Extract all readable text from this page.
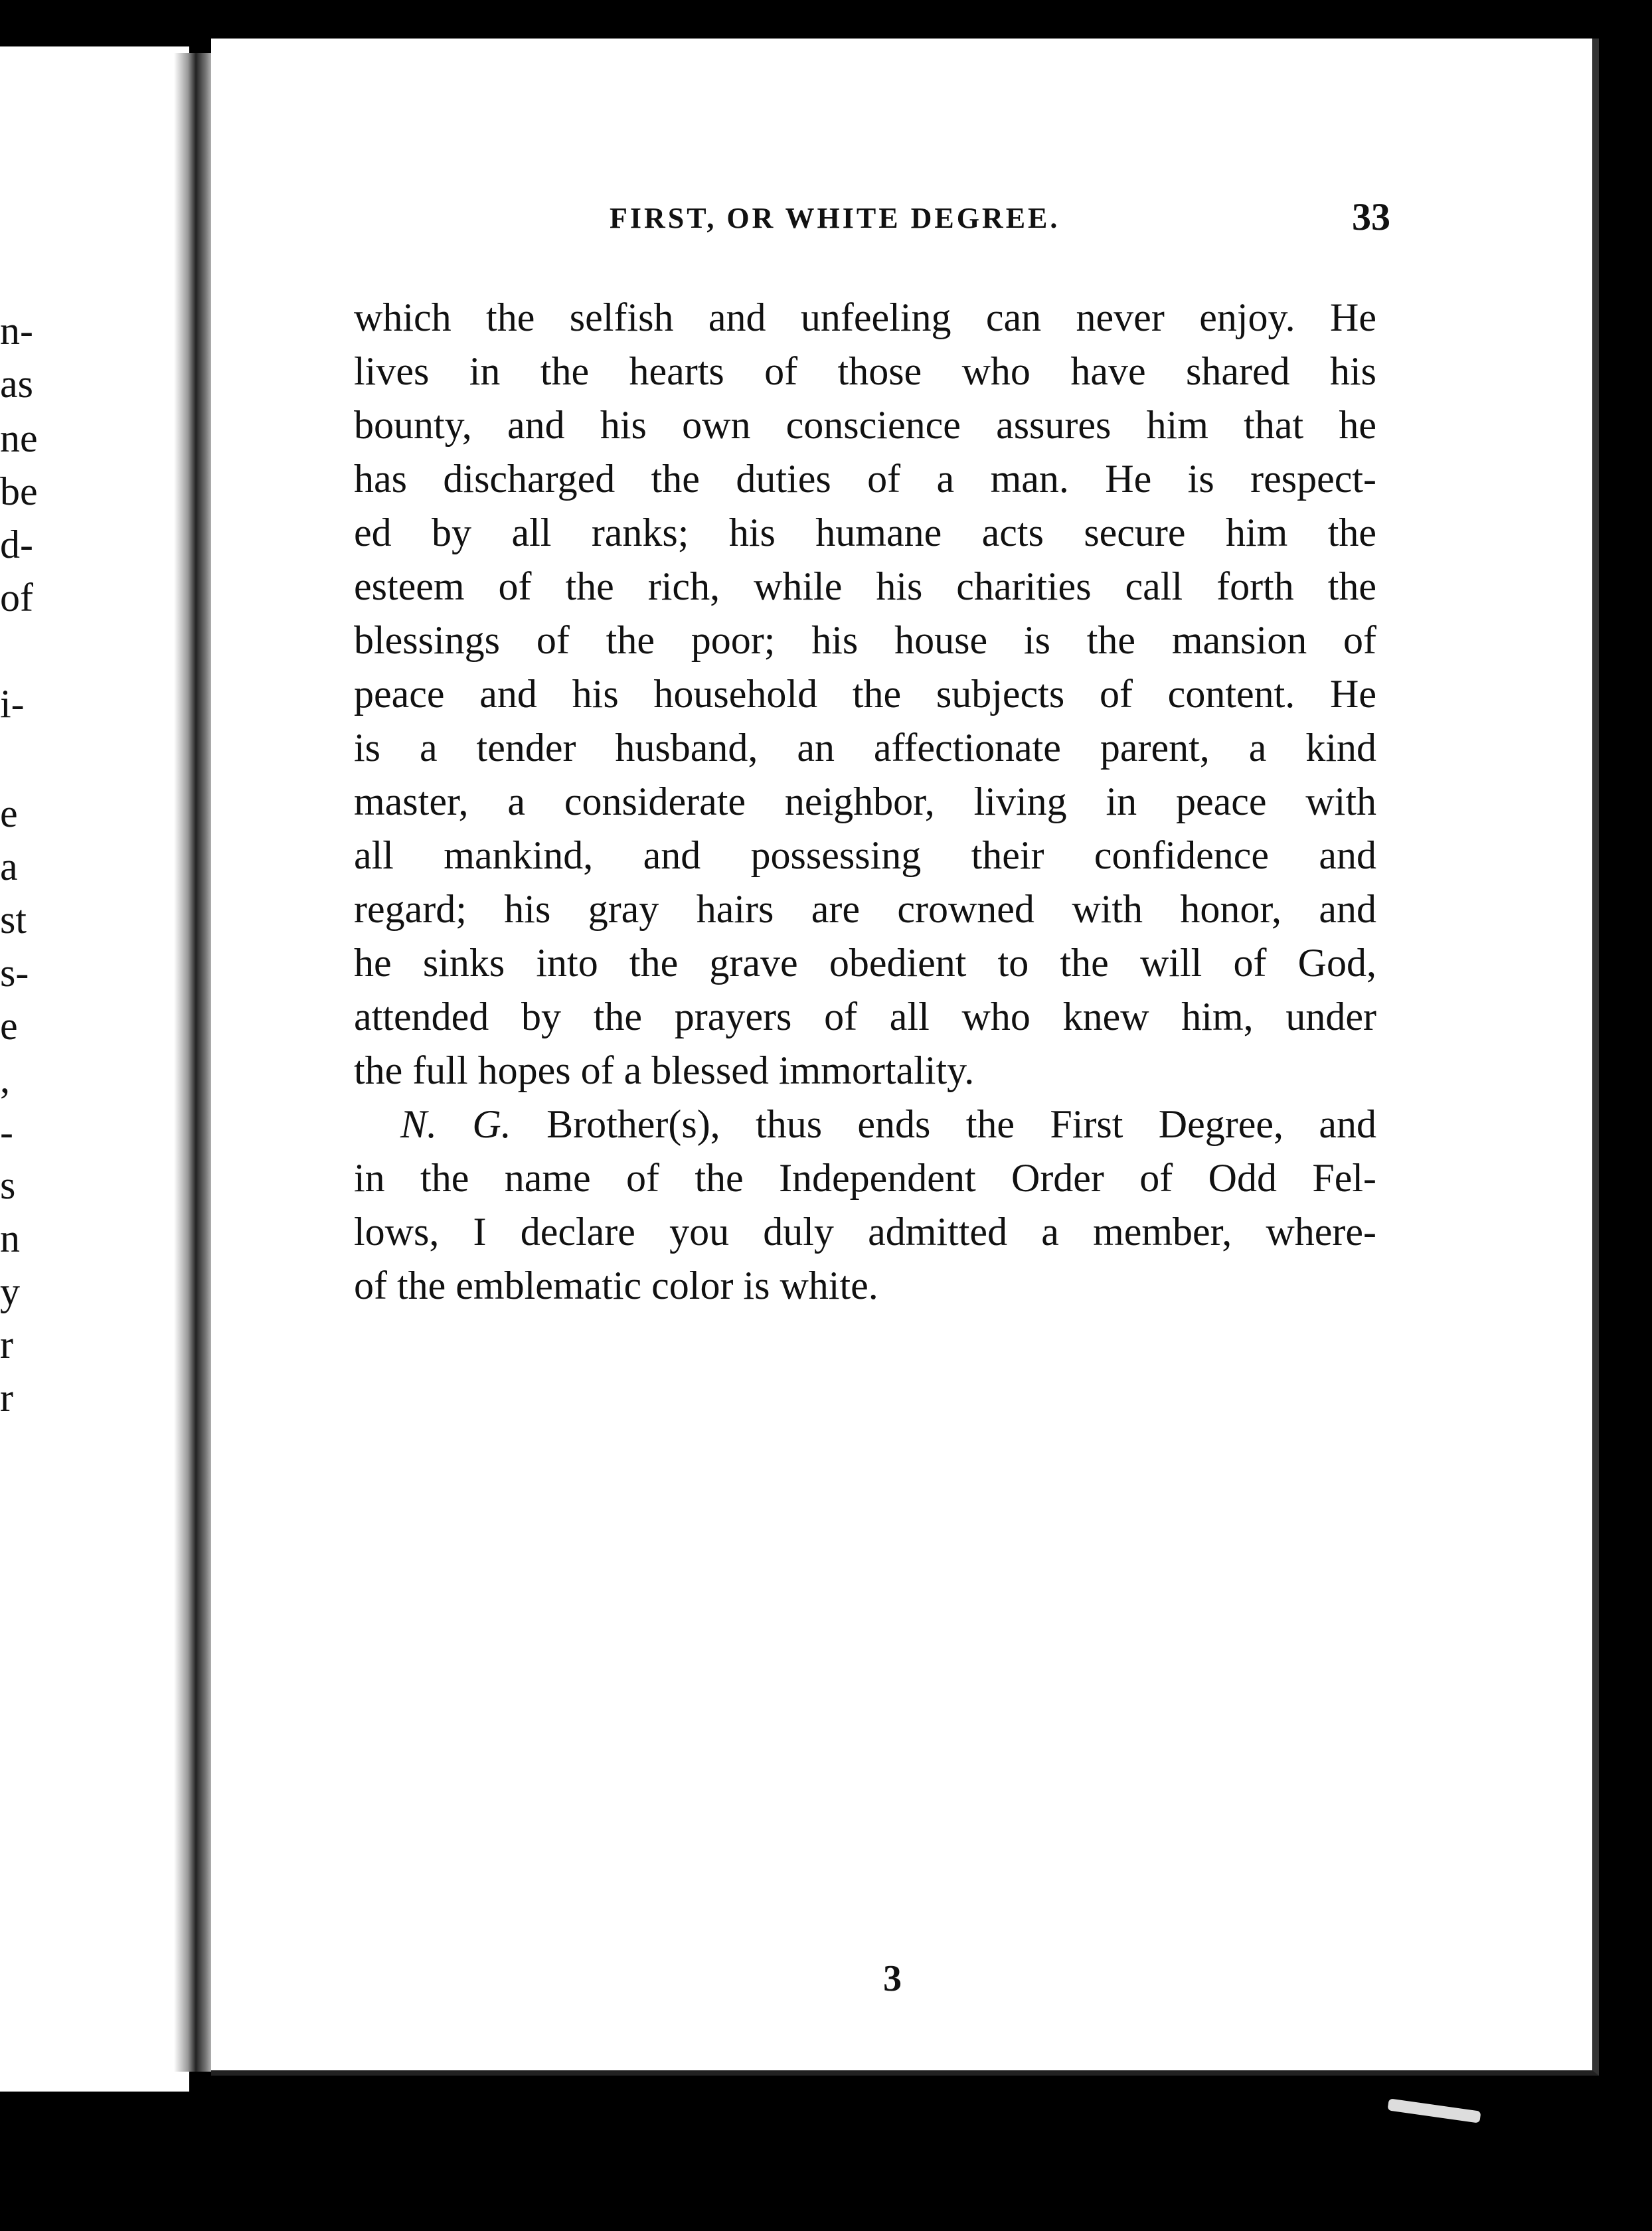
n-
as
ne
be
d-
of
i-
e
a
st
s-
e
,
-
s
n
y
r
r
FIRST, OR WHITE DEGREE.	33
which the selfish and unfeeling can never enjoy. He
lives in the hearts of those who have shared his
bounty, and his own conscience assures him that he
has discharged the duties of a man. He is respect-
ed by all ranks; his humane acts secure him the
esteem of the rich, while his charities call forth the
blessings of the poor; his house is the mansion of
peace and his household the subjects of content. He
is a tender husband, an affectionate parent, a kind
master, a considerate neighbor, living in peace with
all mankind, and possessing their confidence and
regard; his gray hairs are crowned with honor, and
he sinks into the grave obedient to the will of God,
attended by the prayers of all who knew him, under
the full hopes of a blessed immortality.
N. G. Brother(s), thus ends the First Degree, and
in the name of the Independent Order of Odd Fel-
lows, I declare you duly admitted a member, where-
of the emblematic color is white.
3
